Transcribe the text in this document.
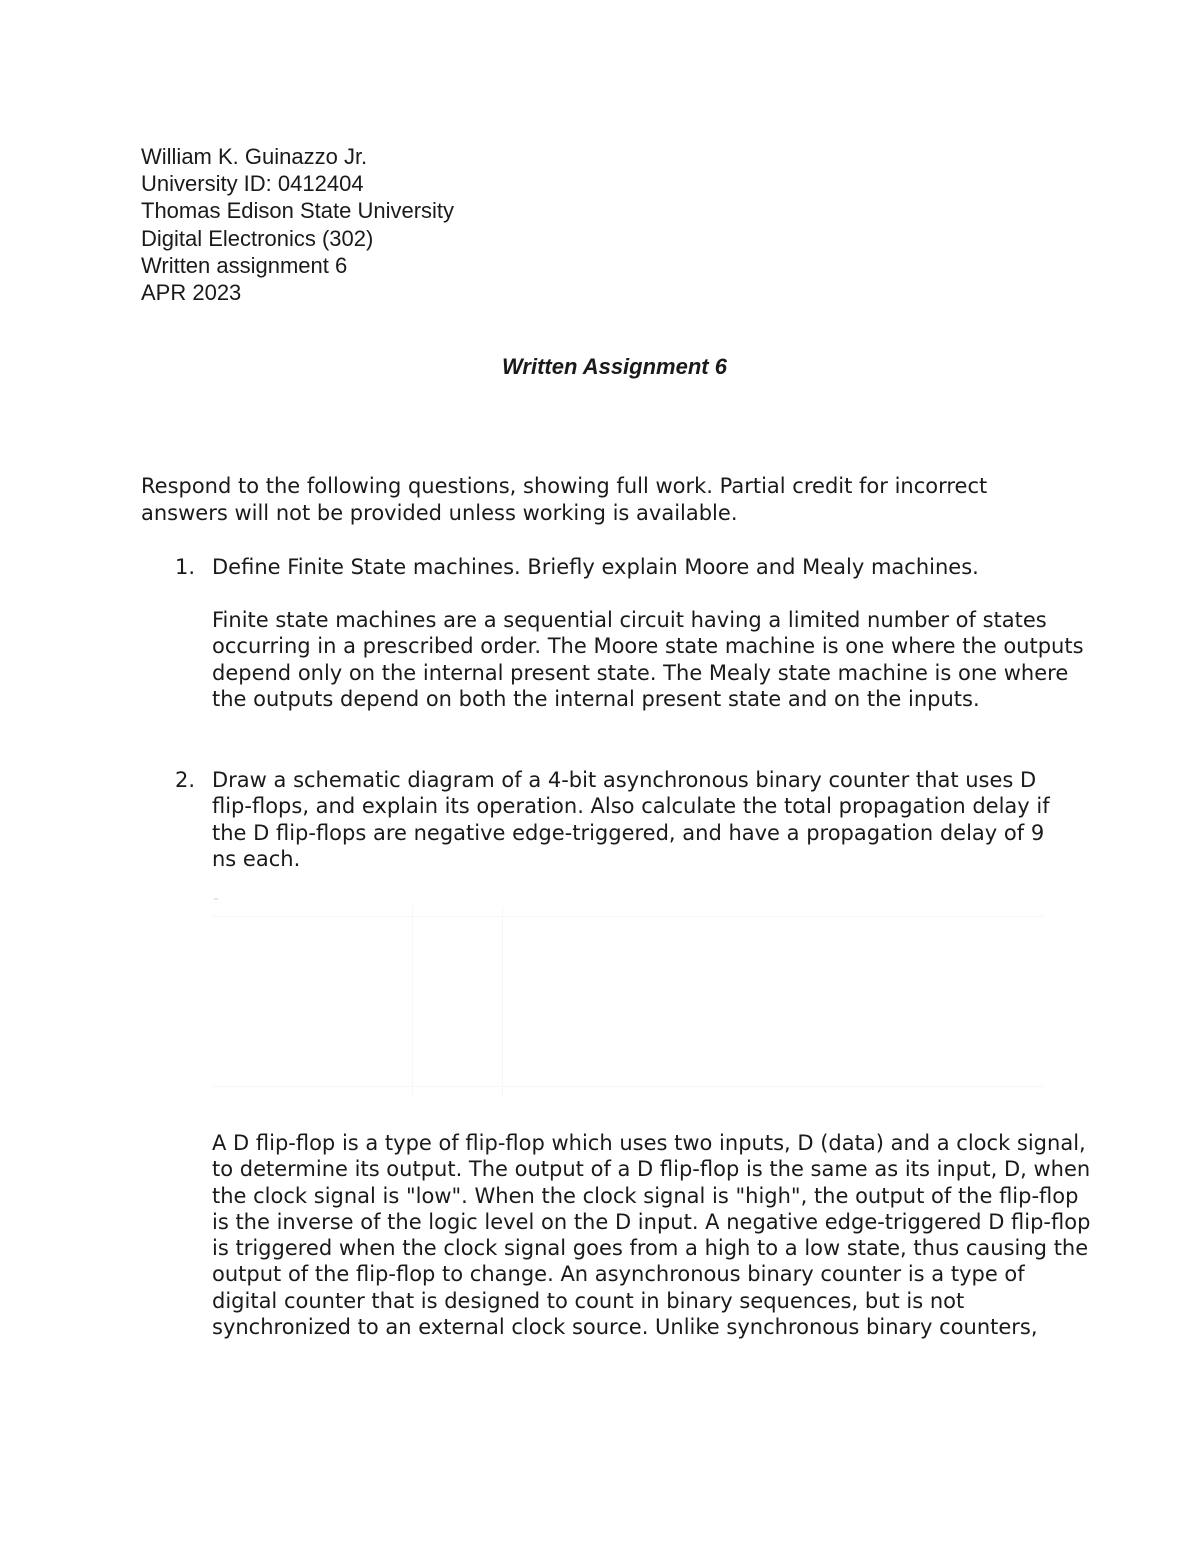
William K. Guinazzo Jr.
University ID: 0412404
Thomas Edison State University
Digital Electronics (302)
Written assignment 6
APR 2023
Written Assignment 6
Respond to the following questions, showing full work. Partial credit for incorrect answers will not be provided unless working is available.
1. Define Finite State machines. Briefly explain Moore and Mealy machines.
Finite state machines are a sequential circuit having a limited number of states occurring in a prescribed order. The Moore state machine is one where the outputs depend only on the internal present state. The Mealy state machine is one where the outputs depend on both the internal present state and on the inputs.
2. Draw a schematic diagram of a 4-bit asynchronous binary counter that uses D flip-flops, and explain its operation. Also calculate the total propagation delay if the D flip-flops are negative edge-triggered, and have a propagation delay of 9 ns each.
A D flip-flop is a type of flip-flop which uses two inputs, D (data) and a clock signal, to determine its output. The output of a D flip-flop is the same as its input, D, when the clock signal is "low". When the clock signal is "high", the output of the flip-flop is the inverse of the logic level on the D input. A negative edge-triggered D flip-flop is triggered when the clock signal goes from a high to a low state, thus causing the output of the flip-flop to change. An asynchronous binary counter is a type of digital counter that is designed to count in binary sequences, but is not synchronized to an external clock source. Unlike synchronous binary counters,
